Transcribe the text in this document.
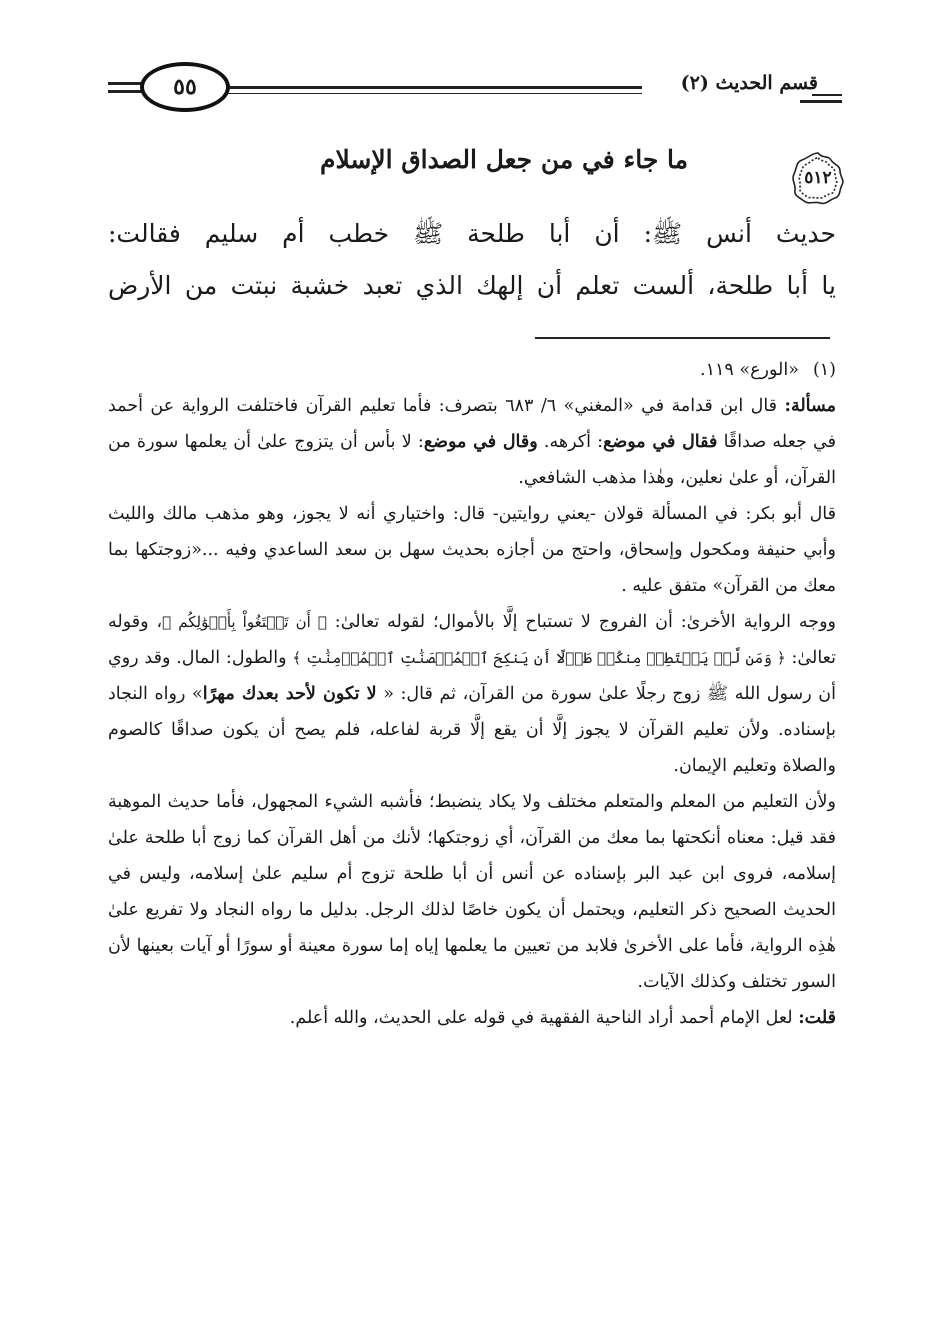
٥٥	قسم الحديث (٢)
٥١٢
ما جاء في من جعل الصداق الإسلام

حديث أنس ﷺ: أن أبا طلحة ﷺ خطب أم سليم فقالت:

يا أبا طلحة، ألست تعلم أن إلهك الذي تعبد خشبة نبتت من الأرض

(١)«الورع» ١١٩.

مسألة: قال ابن قدامة في «المغني» ٦/ ٦٨٣ بتصرف: فأما تعليم القرآن فاختلفت الرواية عن أحمد في جعله صداقًا فقال في موضع: أكرهه. وقال في موضع: لا بأس أن يتزوج علىٰ أن يعلمها سورة من القرآن، أو علىٰ نعلين، وهٰذا مذهب الشافعي.

قال أبو بكر: في المسألة قولان -يعني روايتين- قال: واختياري أنه لا يجوز، وهو مذهب مالك والليث وأبي حنيفة ومكحول وإسحاق، واحتج من أجازه بحديث سهل بن سعد الساعدي وفيه ...«زوجتكها بما معك من القرآن» متفق عليه .

ووجه الرواية الأخرىٰ: أن الفروج لا تستباح إلَّا بالأموال؛ لقوله تعالىٰ: ﴿ أَن تَبۡتَغُواْ بِأَمۡوَٰلِكُم ﴾، وقوله تعالىٰ: ﴿ وَمَن لَّمۡ يَسۡتَطِعۡ مِنكُمۡ طَوۡلًا أَن يَنكِحَ ٱلۡمُحۡصَنَٰتِ ٱلۡمُؤۡمِنَٰتِ ﴾ والطول: المال. وقد روي أن رسول الله ﷺ زوج رجلًا علىٰ سورة من القرآن، ثم قال: « لا تكون لأحد بعدك مهرًا» رواه النجاد بإسناده. ولأن تعليم القرآن لا يجوز إلَّا أن يقع إلَّا قربة لفاعله، فلم يصح أن يكون صداقًا كالصوم والصلاة وتعليم الإيمان.

ولأن التعليم من المعلم والمتعلم مختلف ولا يكاد ينضبط؛ فأشبه الشيء المجهول، فأما حديث الموهبة فقد قيل: معناه أنكحتها بما معك من القرآن، أي زوجتكها؛ لأنك من أهل القرآن كما زوج أبا طلحة علىٰ إسلامه، فروى ابن عبد البر بإسناده عن أنس أن أبا طلحة تزوج أم سليم علىٰ إسلامه، وليس في الحديث الصحيح ذكر التعليم، ويحتمل أن يكون خاصًا لذلك الرجل. بدليل ما رواه النجاد ولا تفريع علىٰ هٰذِه الرواية، فأما على الأخرىٰ فلابد من تعيين ما يعلمها إياه إما سورة معينة أو سورًا أو آيات بعينها لأن السور تختلف وكذلك الآيات.

قلت: لعل الإمام أحمد أراد الناحية الفقهية في قوله على الحديث، والله أعلم.
